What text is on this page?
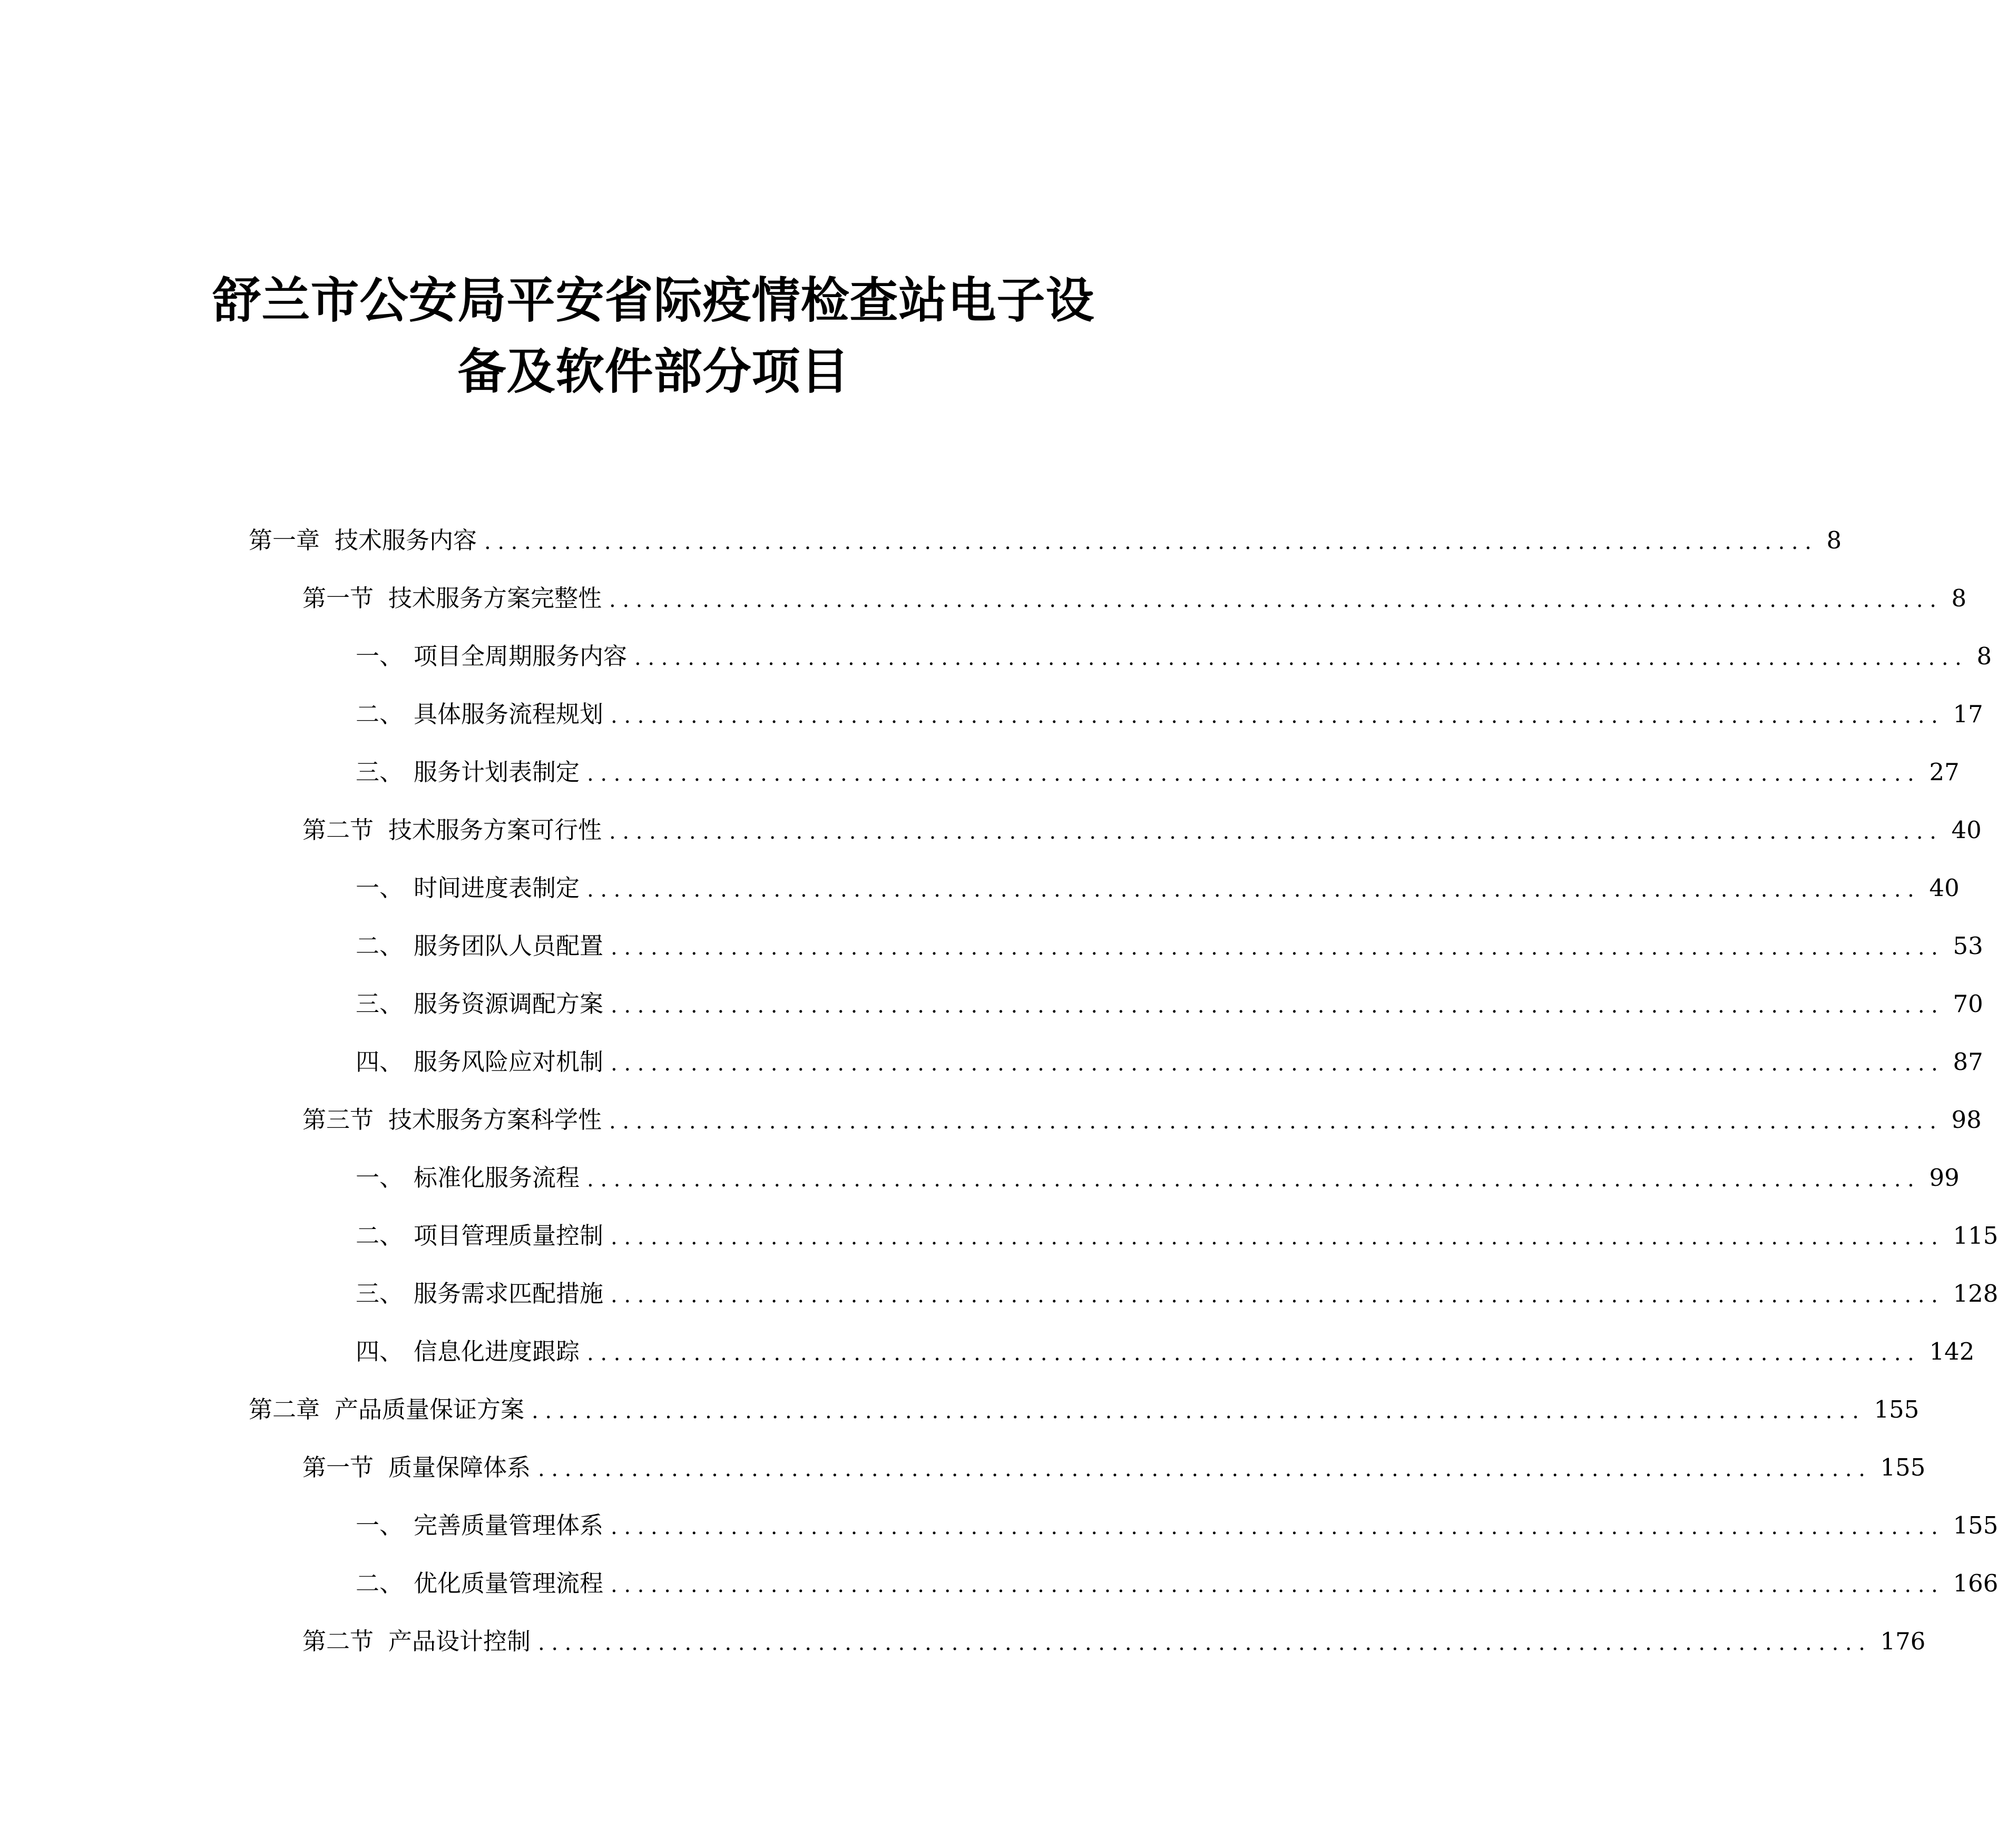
舒兰市公安局平安省际疫情检查站电子设
备及软件部分项目
第一章 技术服务内容 .................................................................................................... 8
第一节 技术服务方案完整性 .................................................................................................... 8
一、 项目全周期服务内容 .................................................................................................... 8
二、 具体服务流程规划 .................................................................................................... 17
三、 服务计划表制定 .................................................................................................... 27
第二节 技术服务方案可行性 .................................................................................................... 40
一、 时间进度表制定 .................................................................................................... 40
二、 服务团队人员配置 .................................................................................................... 53
三、 服务资源调配方案 .................................................................................................... 70
四、 服务风险应对机制 .................................................................................................... 87
第三节 技术服务方案科学性 .................................................................................................... 98
一、 标准化服务流程 .................................................................................................... 99
二、 项目管理质量控制 .................................................................................................... 115
三、 服务需求匹配措施 .................................................................................................... 128
四、 信息化进度跟踪 .................................................................................................... 142
第二章 产品质量保证方案 .................................................................................................... 155
第一节 质量保障体系 .................................................................................................... 155
一、 完善质量管理体系 .................................................................................................... 155
二、 优化质量管理流程 .................................................................................................... 166
第二节 产品设计控制 .................................................................................................... 176
